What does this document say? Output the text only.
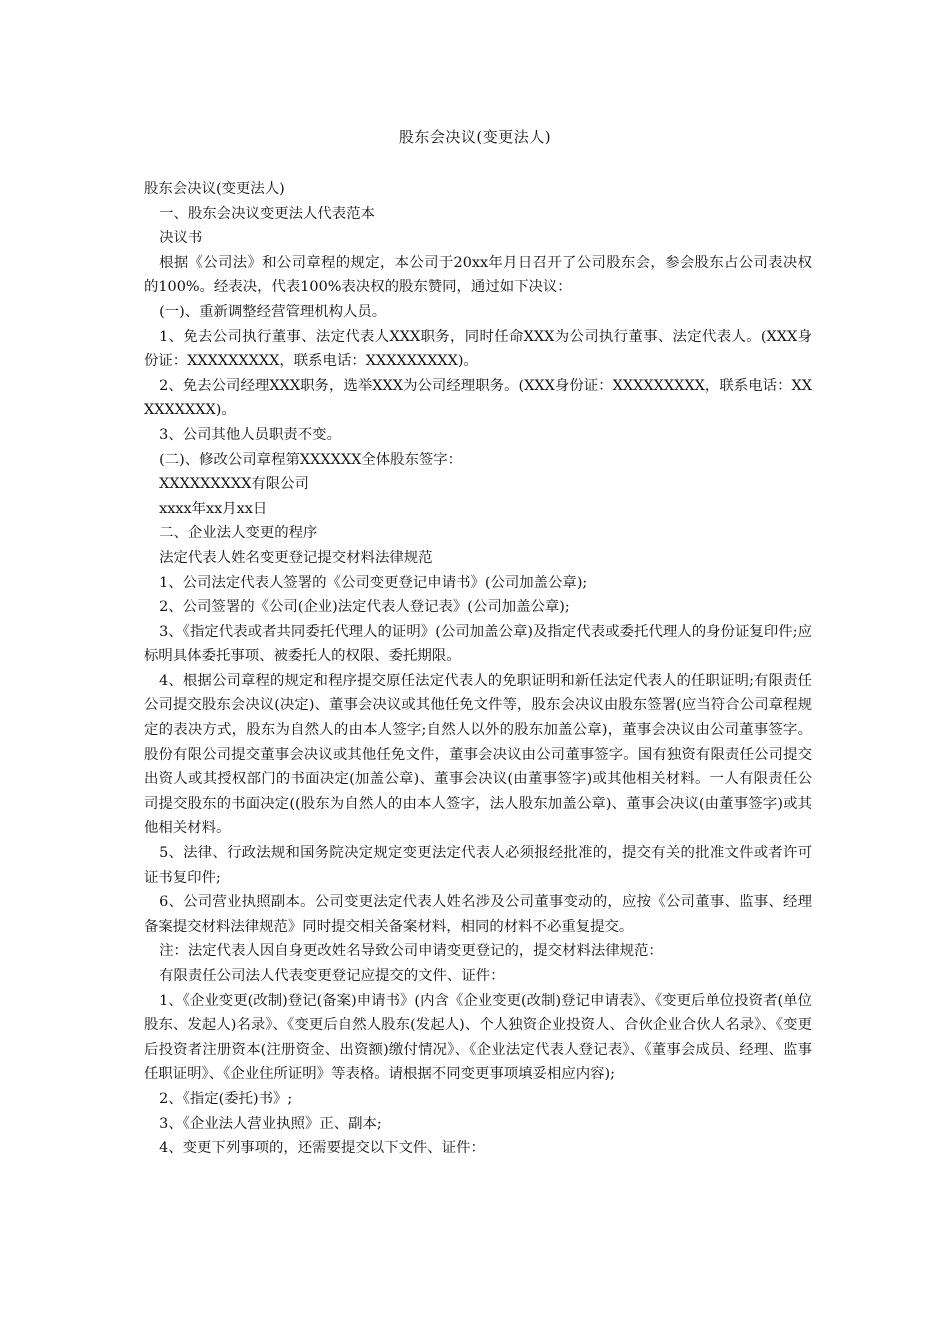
股东会决议(变更法人)

股东会决议(变更法人)

一、股东会决议变更法人代表范本

决议书

根据《公司法》和公司章程的规定，本公司于20xx年月日召开了公司股东会，参会股东占公司表决权的100%。经表决，代表100%表决权的股东赞同，通过如下决议：

(一)、重新调整经营管理机构人员。

1、免去公司执行董事、法定代表人XXX职务，同时任命XXX为公司执行董事、法定代表人。(XXX身份证：XXXXXXXXX，联系电话：XXXXXXXXX)。

2、免去公司经理XXX职务，选举XXX为公司经理职务。(XXX身份证：XXXXXXXXX，联系电话：XXXXXXXXX)。

3、公司其他人员职责不变。

(二)、修改公司章程第XXXXXX全体股东签字：

XXXXXXXXX有限公司

xxxx年xx月xx日

二、企业法人变更的程序

法定代表人姓名变更登记提交材料法律规范

1、公司法定代表人签署的《公司变更登记申请书》(公司加盖公章);

2、公司签署的《公司(企业)法定代表人登记表》(公司加盖公章);

3、《指定代表或者共同委托代理人的证明》(公司加盖公章)及指定代表或委托代理人的身份证复印件;应标明具体委托事项、被委托人的权限、委托期限。

4、根据公司章程的规定和程序提交原任法定代表人的免职证明和新任法定代表人的任职证明;有限责任公司提交股东会决议(决定)、董事会决议或其他任免文件等，股东会决议由股东签署(应当符合公司章程规定的表决方式，股东为自然人的由本人签字;自然人以外的股东加盖公章)，董事会决议由公司董事签字。股份有限公司提交董事会决议或其他任免文件，董事会决议由公司董事签字。国有独资有限责任公司提交出资人或其授权部门的书面决定(加盖公章)、董事会决议(由董事签字)或其他相关材料。一人有限责任公司提交股东的书面决定((股东为自然人的由本人签字，法人股东加盖公章)、董事会决议(由董事签字)或其他相关材料。

5、法律、行政法规和国务院决定规定变更法定代表人必须报经批准的，提交有关的批准文件或者许可证书复印件;

6、公司营业执照副本。公司变更法定代表人姓名涉及公司董事变动的，应按《公司董事、监事、经理备案提交材料法律规范》同时提交相关备案材料，相同的材料不必重复提交。

注：法定代表人因自身更改姓名导致公司申请变更登记的，提交材料法律规范：

有限责任公司法人代表变更登记应提交的文件、证件：

1、《企业变更(改制)登记(备案)申请书》(内含《企业变更(改制)登记申请表》、《变更后单位投资者(单位股东、发起人)名录》、《变更后自然人股东(发起人)、个人独资企业投资人、合伙企业合伙人名录》、《变更后投资者注册资本(注册资金、出资额)缴付情况》、《企业法定代表人登记表》、《董事会成员、经理、监事任职证明》、《企业住所证明》等表格。请根据不同变更事项填妥相应内容);

2、《指定(委托)书》;

3、《企业法人营业执照》正、副本;

4、变更下列事项的，还需要提交以下文件、证件：
